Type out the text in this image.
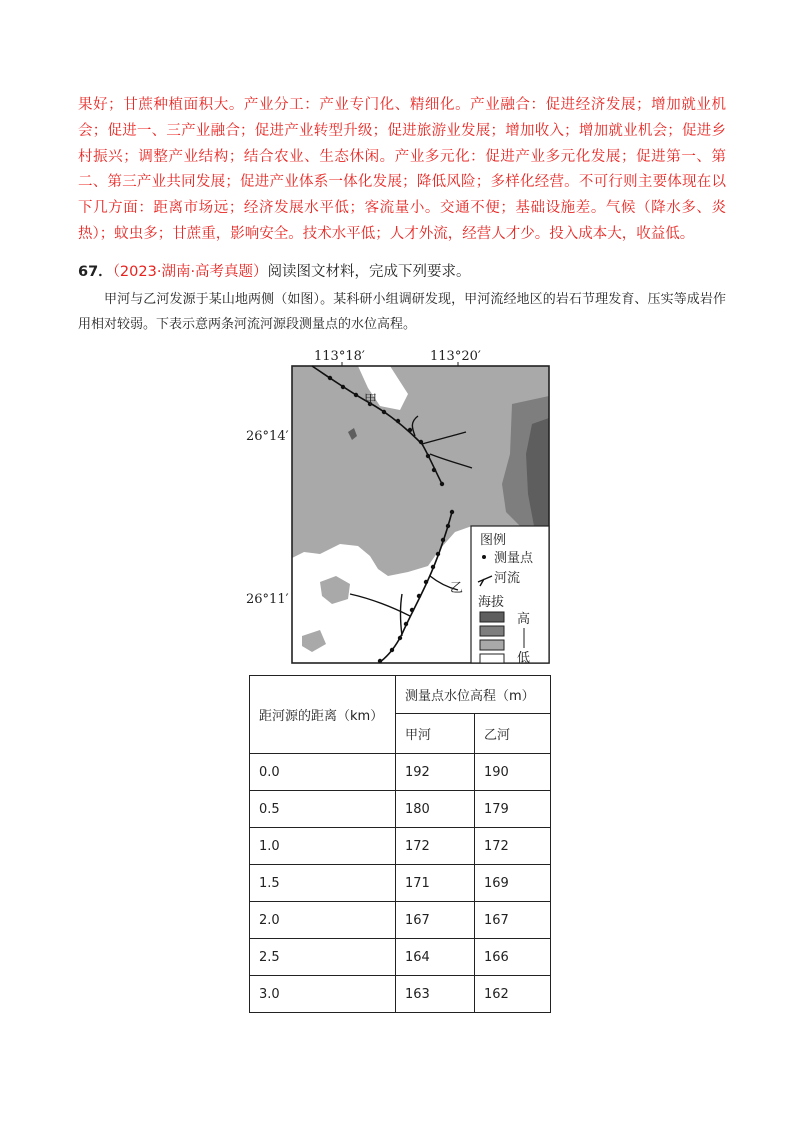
果好；甘蔗种植面积大。产业分工：产业专门化、精细化。产业融合：促进经济发展；增加就业机会；促进一、三产业融合；促进产业转型升级；促进旅游业发展；增加收入；增加就业机会；促进乡村振兴；调整产业结构；结合农业、生态休闲。产业多元化：促进产业多元化发展；促进第一、第二、第三产业共同发展；促进产业体系一体化发展；降低风险；多样化经营。不可行则主要体现在以下几方面：距离市场远；经济发展水平低；客流量小。交通不便；基础设施差。气候（降水多、炎热）；蚊虫多；甘蔗重，影响安全。技术水平低；人才外流，经营人才少。投入成本大，收益低。

67．（2023·湖南·高考真题）阅读图文材料，完成下列要求。

甲河与乙河发源于某山地两侧（如图）。某科研小组调研发现，甲河流经地区的岩石节理发育、压实等成岩作用相对较弱。下表示意两条河流河源段测量点的水位高程。

图例
测量点
河流
海拔
高
低
甲
乙
113°18′	113°20′
26°14′
26°11′
距河源的距离（km）	测量点水位高程（m）	
	甲河	乙河
0.0	192	190
0.5	180	179
1.0	172	172
1.5	171	169
2.0	167	167
2.5	164	166
3.0	163	162
